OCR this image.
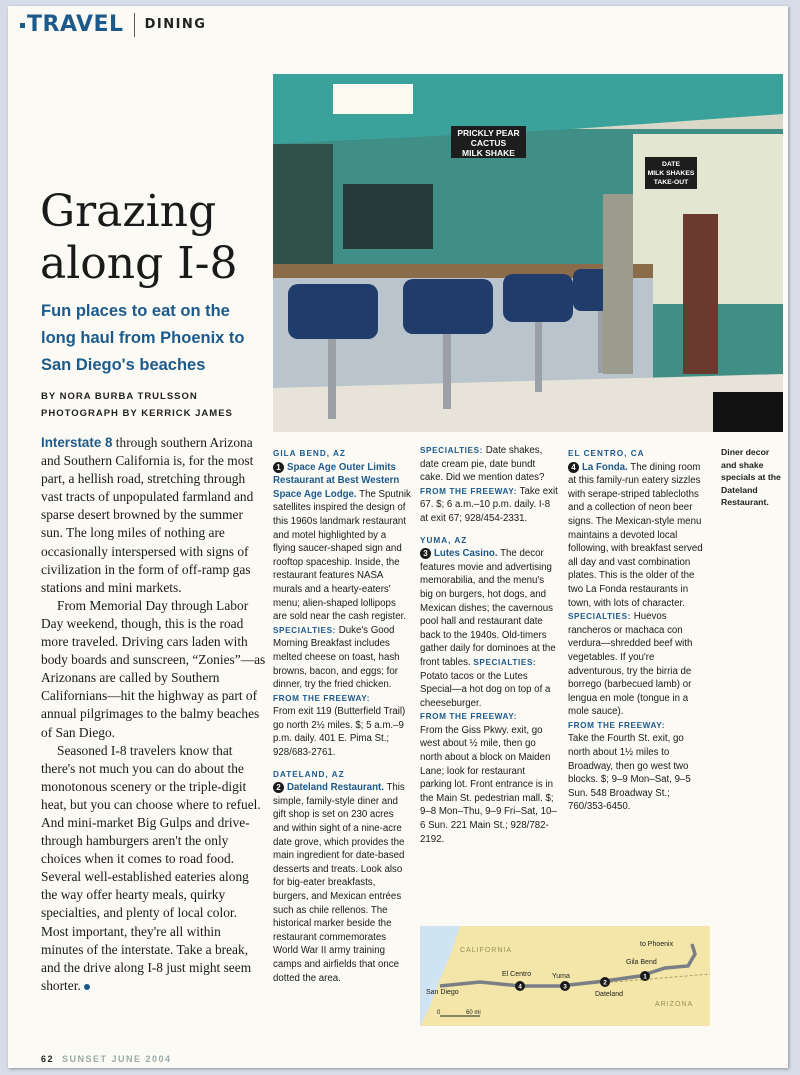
TRAVEL DINING
Grazing
along I-8
Fun places to eat on the long haul from Phoenix to San Diego's beaches
BY NORA BURBA TRULSSON
PHOTOGRAPH BY KERRICK JAMES

Interstate 8 through southern Arizona and Southern California is, for the most part, a hellish road, stretching through vast tracts of unpopulated farmland and sparse desert browned by the summer sun. The long miles of nothing are occasionally interspersed with signs of civilization in the form of off-ramp gas stations and mini markets.

From Memorial Day through Labor Day weekend, though, this is the road more traveled. Driving cars laden with body boards and sunscreen, “Zonies”—as Arizonans are called by Southern Californians—hit the highway as part of annual pilgrimages to the balmy beaches of San Diego.

Seasoned I-8 travelers know that there's not much you can do about the monotonous scenery or the triple-digit heat, but you can choose where to refuel. And mini-market Big Gulps and drive-through hamburgers aren't the only choices when it comes to road food. Several well-established eateries along the way offer hearty meals, quirky specialties, and plenty of local color. Most important, they're all within minutes of the interstate. Take a break, and the drive along I-8 just might seem shorter.

PRICKLY PEAR
CACTUS
MILK SHAKE
DATE
MILK SHAKES
TAKE-OUT
GILA BEND, AZ
1 Space Age Outer Limits Restaurant at Best Western Space Age Lodge. The Sputnik satellites inspired the design of this 1960s landmark restaurant and motel highlighted by a flying saucer-shaped sign and rooftop spaceship. Inside, the restaurant features NASA murals and a hearty-eaters' menu; alien-shaped lollipops are sold near the cash register. SPECIALTIES: Duke's Good Morning Breakfast includes melted cheese on toast, hash browns, bacon, and eggs; for dinner, try the fried chicken.
FROM THE FREEWAY:
From exit 119 (Butterfield Trail) go north 2½ miles. $; 5 a.m.–9 p.m. daily. 401 E. Pima St.; 928/683-2761.
DATELAND, AZ
2 Dateland Restaurant. This simple, family-style diner and gift shop is set on 230 acres and within sight of a nine-acre date grove, which provides the main ingredient for date-based desserts and treats. Look also for big-eater breakfasts, burgers, and Mexican entrées such as chile rellenos. The historical marker beside the restaurant commemorates World War II army training camps and airfields that once dotted the area.
SPECIALTIES: Date shakes, date cream pie, date bundt cake. Did we mention dates?
FROM THE FREEWAY: Take exit 67. $; 6 a.m.–10 p.m. daily. I-8 at exit 67; 928/454-2331.
YUMA, AZ
3 Lutes Casino. The decor features movie and advertising memorabilia, and the menu's big on burgers, hot dogs, and Mexican dishes; the cavernous pool hall and restaurant date back to the 1940s. Old-timers gather daily for dominoes at the front tables. SPECIALTIES: Potato tacos or the Lutes Special—a hot dog on top of a cheeseburger.
FROM THE FREEWAY:
From the Giss Pkwy. exit, go west about ½ mile, then go north about a block on Maiden Lane; look for restaurant parking lot. Front entrance is in the Main St. pedestrian mall. $; 9–8 Mon–Thu, 9–9 Fri–Sat, 10–6 Sun. 221 Main St.; 928/782-2192.
EL CENTRO, CA
4 La Fonda. The dining room at this family-run eatery sizzles with serape-striped tablecloths and a collection of neon beer signs. The Mexican-style menu maintains a devoted local following, with breakfast served all day and vast combination plates. This is the older of the two La Fonda restaurants in town, with lots of character. SPECIALTIES: Huevos rancheros or machaca con verdura—shredded beef with vegetables. If you're adventurous, try the birria de borrego (barbecued lamb) or lengua en mole (tongue in a mole sauce).
FROM THE FREEWAY:
Take the Fourth St. exit, go north about 1½ miles to Broadway, then go west two blocks. $; 9–9 Mon–Sat, 9–5 Sun. 548 Broadway St.; 760/353-6450.
Diner decor and shake specials at the Dateland Restaurant.
CALIFORNIA
ARIZONA
to Phoenix
Gila Bend
El Centro	Yuma
San Diego	Dateland
1
2
3
4
0	60 mi
62 SUNSET JUNE 2004
